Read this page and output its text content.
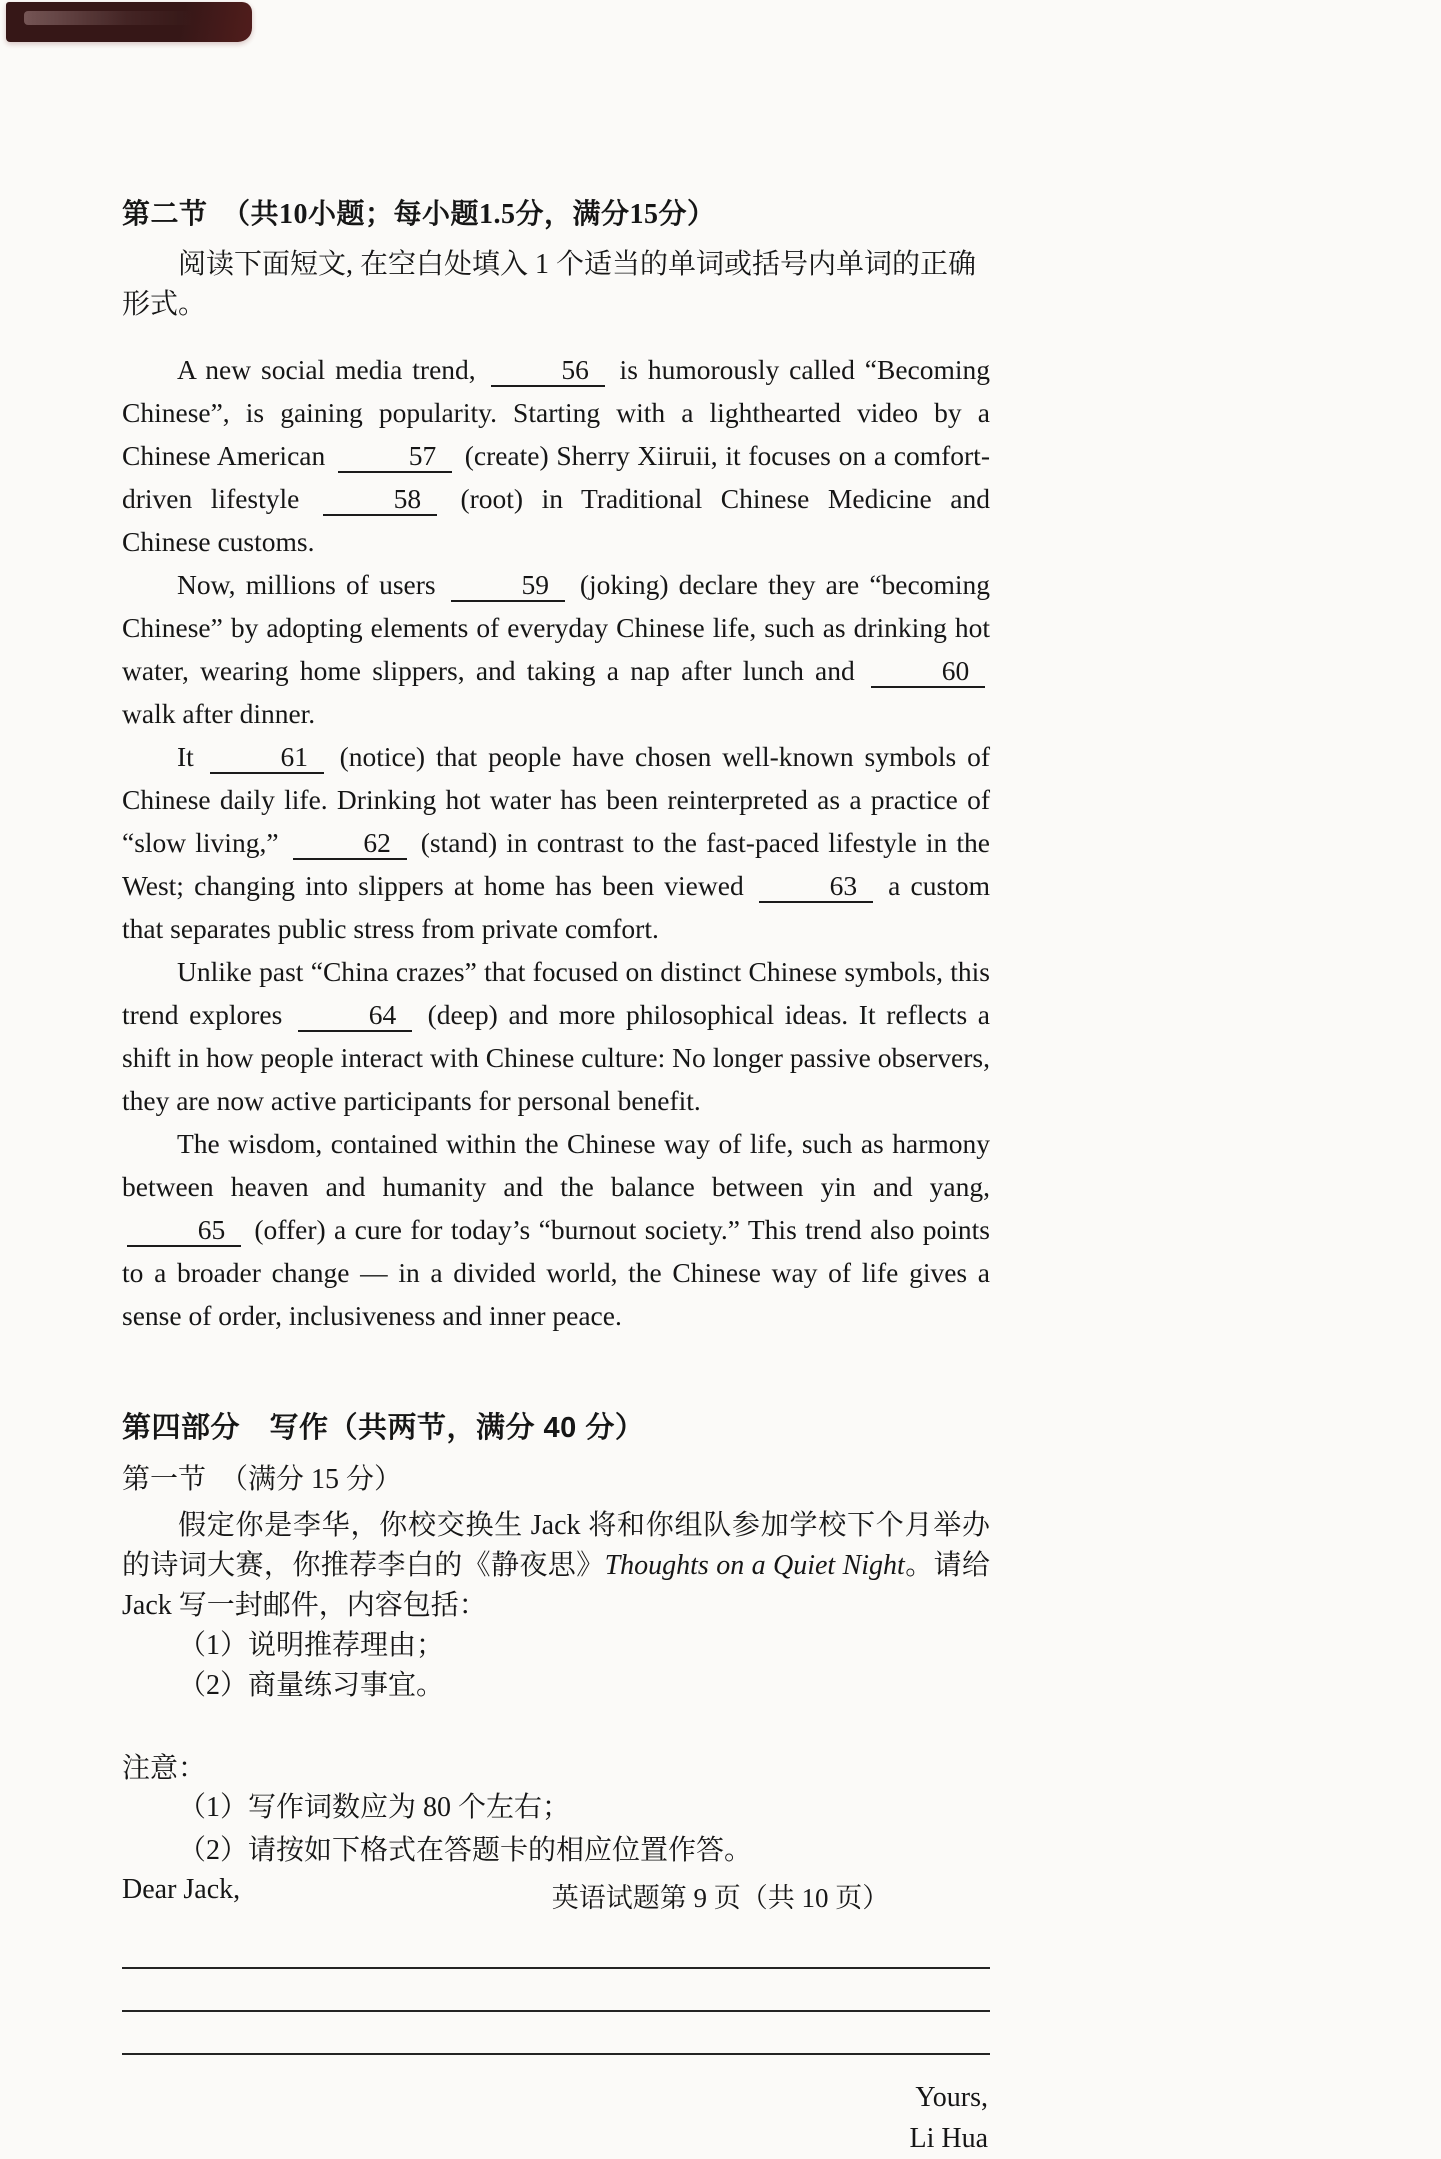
第二节　（共10小题；每小题1.5分，满分15分）

阅读下面短文, 在空白处填入 1 个适当的单词或括号内单词的正确形式。

A new social media trend,	56 is humorously called “Becoming Chinese”, is gaining popularity. Starting with a lighthearted video by a Chinese American	57 (create) Sherry Xiiruii, it focuses on a comfort-driven lifestyle	58 (root) in Traditional Chinese Medicine and Chinese customs.

Now, millions of users	59 (joking) declare they are “becoming Chinese” by adopting elements of everyday Chinese life, such as drinking hot water, wearing home slippers, and taking a nap after lunch and	60 walk after dinner.

It	61 (notice) that people have chosen well-known symbols of Chinese daily life. Drinking hot water has been reinterpreted as a practice of “slow living,”	62 (stand) in contrast to the fast-paced lifestyle in the West; changing into slippers at home has been viewed	63 a custom that separates public stress from private comfort.

Unlike past “China crazes” that focused on distinct Chinese symbols, this trend explores	64 (deep) and more philosophical ideas. It reflects a shift in how people interact with Chinese culture: No longer passive observers, they are now active participants for personal benefit.

The wisdom, contained within the Chinese way of life, such as harmony between heaven and humanity and the balance between yin and yang, 65 (offer) a cure for today’s “burnout society.” This trend also points to a broader change — in a divided world, the Chinese way of life gives a sense of order, inclusiveness and inner peace.

第四部分　写作（共两节，满分 40 分）

第一节　（满分 15 分）

假定你是李华，你校交换生 Jack 将和你组队参加学校下个月举办的诗词大赛，你推荐李白的《静夜思》Thoughts on a Quiet Night。请给 Jack 写一封邮件，内容包括：

（1）说明推荐理由；

（2）商量练习事宜。

注意：

（1）写作词数应为 80 个左右；

（2）请按如下格式在答题卡的相应位置作答。

Dear Jack,

Yours,
Li Hua
英语试题第 9 页（共 10 页）
